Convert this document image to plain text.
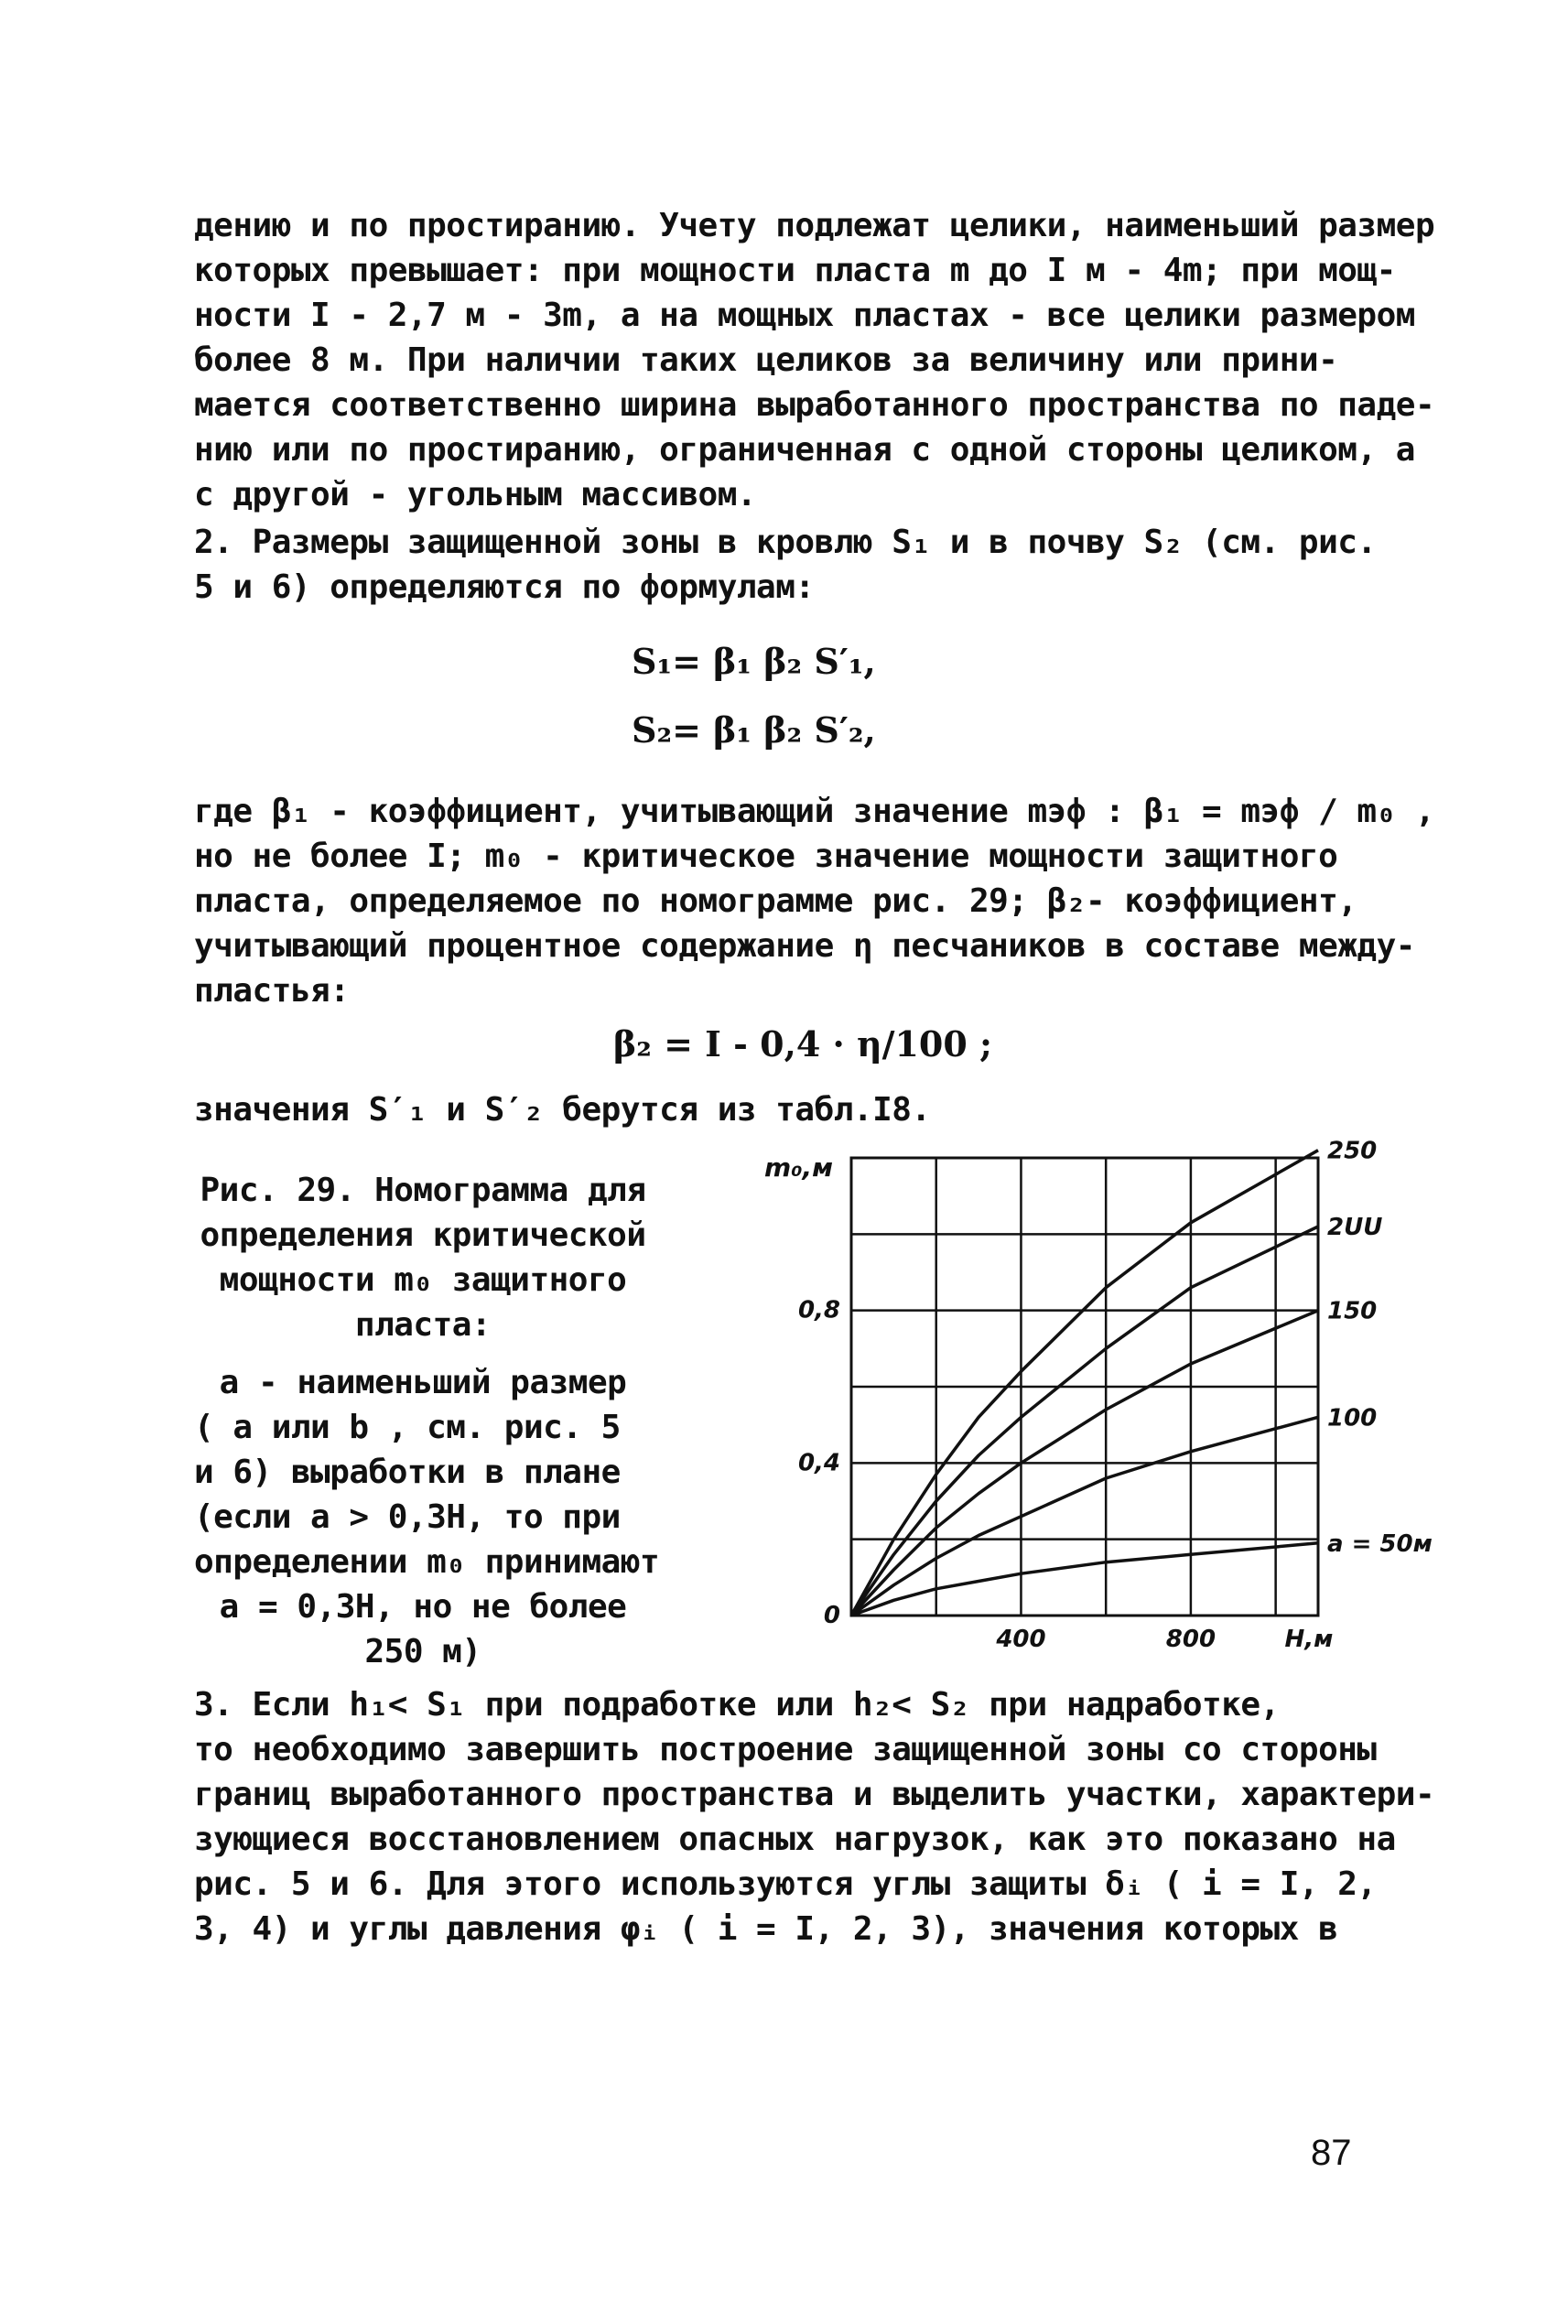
дению и по простиранию. Учету подлежат целики, наименьший размер
которых превышает: при мощности пласта m до I м - 4m; при мощ-
ности I - 2,7 м - 3m, а на мощных пластах - все целики размером
более 8 м. При наличии таких целиков за величину или прини-
мается соответственно ширина выработанного пространства по паде-
нию или по простиранию, ограниченная с одной стороны целиком, а
с другой - угольным массивом.
2. Размеры защищенной зоны в кровлю S₁ и в почву S₂ (см. рис.
5 и 6) определяются по формулам:
S₁= β₁ β₂ S′₁,
S₂= β₁ β₂ S′₂,
где β₁ - коэффициент, учитывающий значение mэф : β₁ = mэф / m₀ ,
но не более I; m₀ - критическое значение мощности защитного
пласта, определяемое по номограмме рис. 29; β₂- коэффициент,
учитывающий процентное содержание η песчаников в составе между-
пластья:
β₂ = I - 0,4 · η/100 ;
значения S′₁ и S′₂ берутся из табл.I8.
Рис. 29. Номограмма для
определения критической
мощности m₀ защитного
пласта:
a - наименьший размер
( a или b , см. рис. 5
и 6) выработки в плане
(если a > 0,3Н, то при
определении m₀ принимают
a = 0,3Н, но не более
250 м)
0
0,4
0,8
400	800
m₀,м
H,м
a = 50м
100
150
2UU
250
3. Если h₁< S₁ при подработке или h₂< S₂ при надработке,
то необходимо завершить построение защищенной зоны со стороны
границ выработанного пространства и выделить участки, характери-
зующиеся восстановлением опасных нагрузок, как это показано на
рис. 5 и 6. Для этого используются углы защиты δᵢ ( i = I, 2,
3, 4) и углы давления φᵢ ( i = I, 2, 3), значения которых в
87
